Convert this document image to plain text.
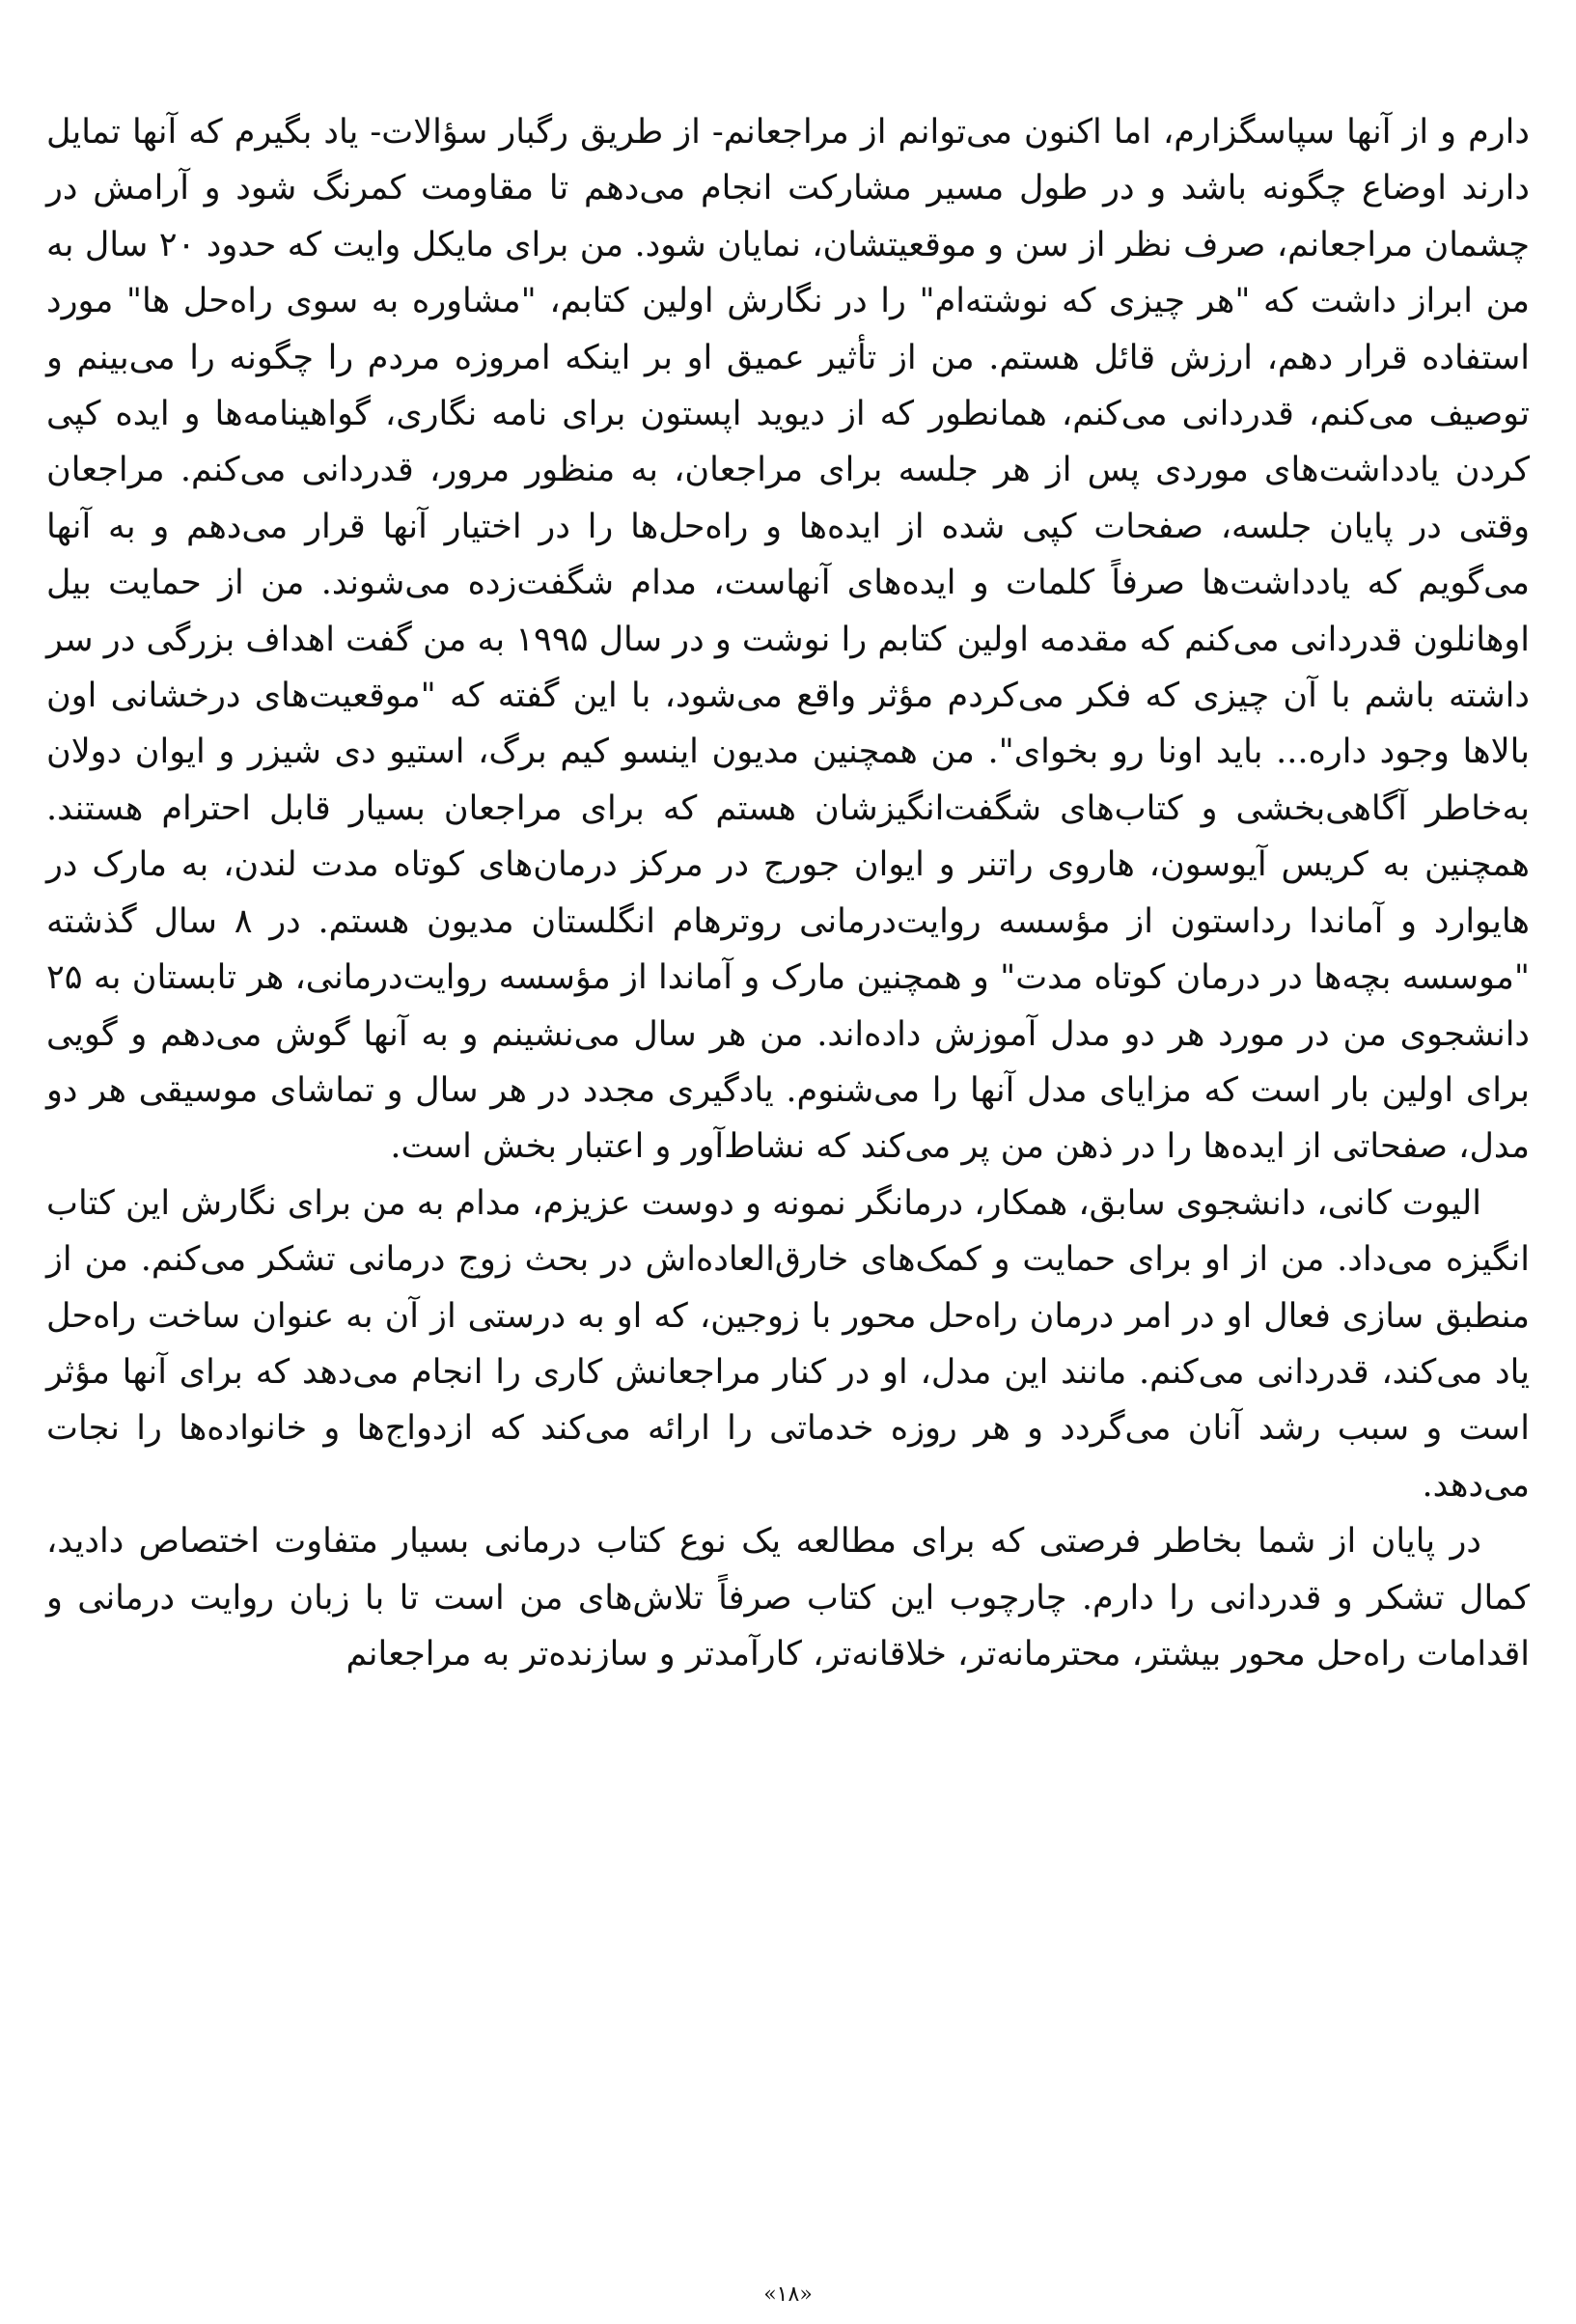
دارم و از آنها سپاسگزارم، اما اکنون می‌توانم از مراجعانم- از طریق رگبار سؤالات- یاد بگیرم که آنها تمایل دارند اوضاع چگونه باشد و در طول مسیر مشارکت انجام می‌دهم تا مقاومت کمرنگ شود و آرامش در چشمان مراجعانم، صرف نظر از سن و موقعیتشان، نمایان شود. من برای مایکل وایت که حدود ۲۰ سال به من ابراز داشت که "هر چیزی که نوشته‌ام" را در نگارش اولین کتابم، "مشاوره به سوی راه‌حل ها" مورد استفاده قرار دهم، ارزش قائل هستم. من از تأثیر عمیق او بر اینکه امروزه مردم را چگونه را می‌بینم و توصیف می‌کنم، قدردانی می‌کنم، همانطور که از دیوید اپستون برای نامه نگاری، گواهینامه‌ها و ایده کپی کردن یادداشت‌های موردی پس از هر جلسه برای مراجعان، به منظور مرور، قدردانی می‌کنم. مراجعان وقتی در پایان جلسه، صفحات کپی شده از ایده‌ها و راه‌حل‌ها را در اختیار آنها قرار می‌دهم و به آنها می‌گویم که یادداشت‌ها صرفاً کلمات و ایده‌های آنهاست، مدام شگفت‌زده می‌شوند. من از حمایت بیل اوهانلون قدردانی می‌کنم که مقدمه اولین کتابم را نوشت و در سال ۱۹۹۵ به من گفت اهداف بزرگی در سر داشته باشم با آن چیزی که فکر می‌کردم مؤثر واقع می‌شود، با این گفته که "موقعیت‌های درخشانی اون بالاها وجود داره... باید اونا رو بخوای". من همچنین مدیون اینسو کیم برگ، استیو دی شیزر و ایوان دولان به‌خاطر آگاهی‌بخشی و کتاب‌های شگفت‌انگیزشان هستم که برای مراجعان بسیار قابل احترام هستند. همچنین به کریس آیوسون، هاروی راتنر و ایوان جورج در مرکز درمان‌های کوتاه مدت لندن، به مارک در هایوارد و آماندا رداستون از مؤسسه روایت‌درمانی روترهام انگلستان مدیون هستم. در ۸ سال گذشته "موسسه بچه‌ها در درمان کوتاه مدت" و همچنین مارک و آماندا از مؤسسه روایت‌درمانی، هر تابستان به ۲۵ دانشجوی من در مورد هر دو مدل آموزش داده‌اند. من هر سال می‌نشینم و به آنها گوش می‌دهم و گویی برای اولین بار است که مزایای مدل آنها را می‌شنوم. یادگیری مجدد در هر سال و تماشای موسیقی هر دو مدل، صفحاتی از ایده‌ها را در ذهن من پر می‌کند که نشاط‌آور و اعتبار بخش است.

الیوت کانی، دانشجوی سابق، همکار، درمانگر نمونه و دوست عزیزم، مدام به من برای نگارش این کتاب انگیزه می‌داد. من از او برای حمایت و کمک‌های خارق‌العاده‌اش در بحث زوج درمانی تشکر می‌کنم. من از منطبق سازی فعال او در امر درمان راه‌حل محور با زوجین، که او به درستی از آن به عنوان ساخت راه‌حل یاد می‌کند، قدردانی می‌کنم. مانند این مدل، او در کنار مراجعانش کاری را انجام می‌دهد که برای آنها مؤثر است و سبب رشد آنان می‌گردد و هر روزه خدماتی را ارائه می‌کند که ازدواج‌ها و خانواده‌ها را نجات می‌دهد.

در پایان از شما بخاطر فرصتی که برای مطالعه یک نوع کتاب درمانی بسیار متفاوت اختصاص دادید، کمال تشکر و قدردانی را دارم. چارچوب این کتاب صرفاً تلاش‌های من است تا با زبان روایت درمانی و اقدامات راه‌حل محور بیشتر، محترمانه‌تر، خلاقانه‌تر، کارآمدتر و سازنده‌تر به مراجعانم

«۱۸»
